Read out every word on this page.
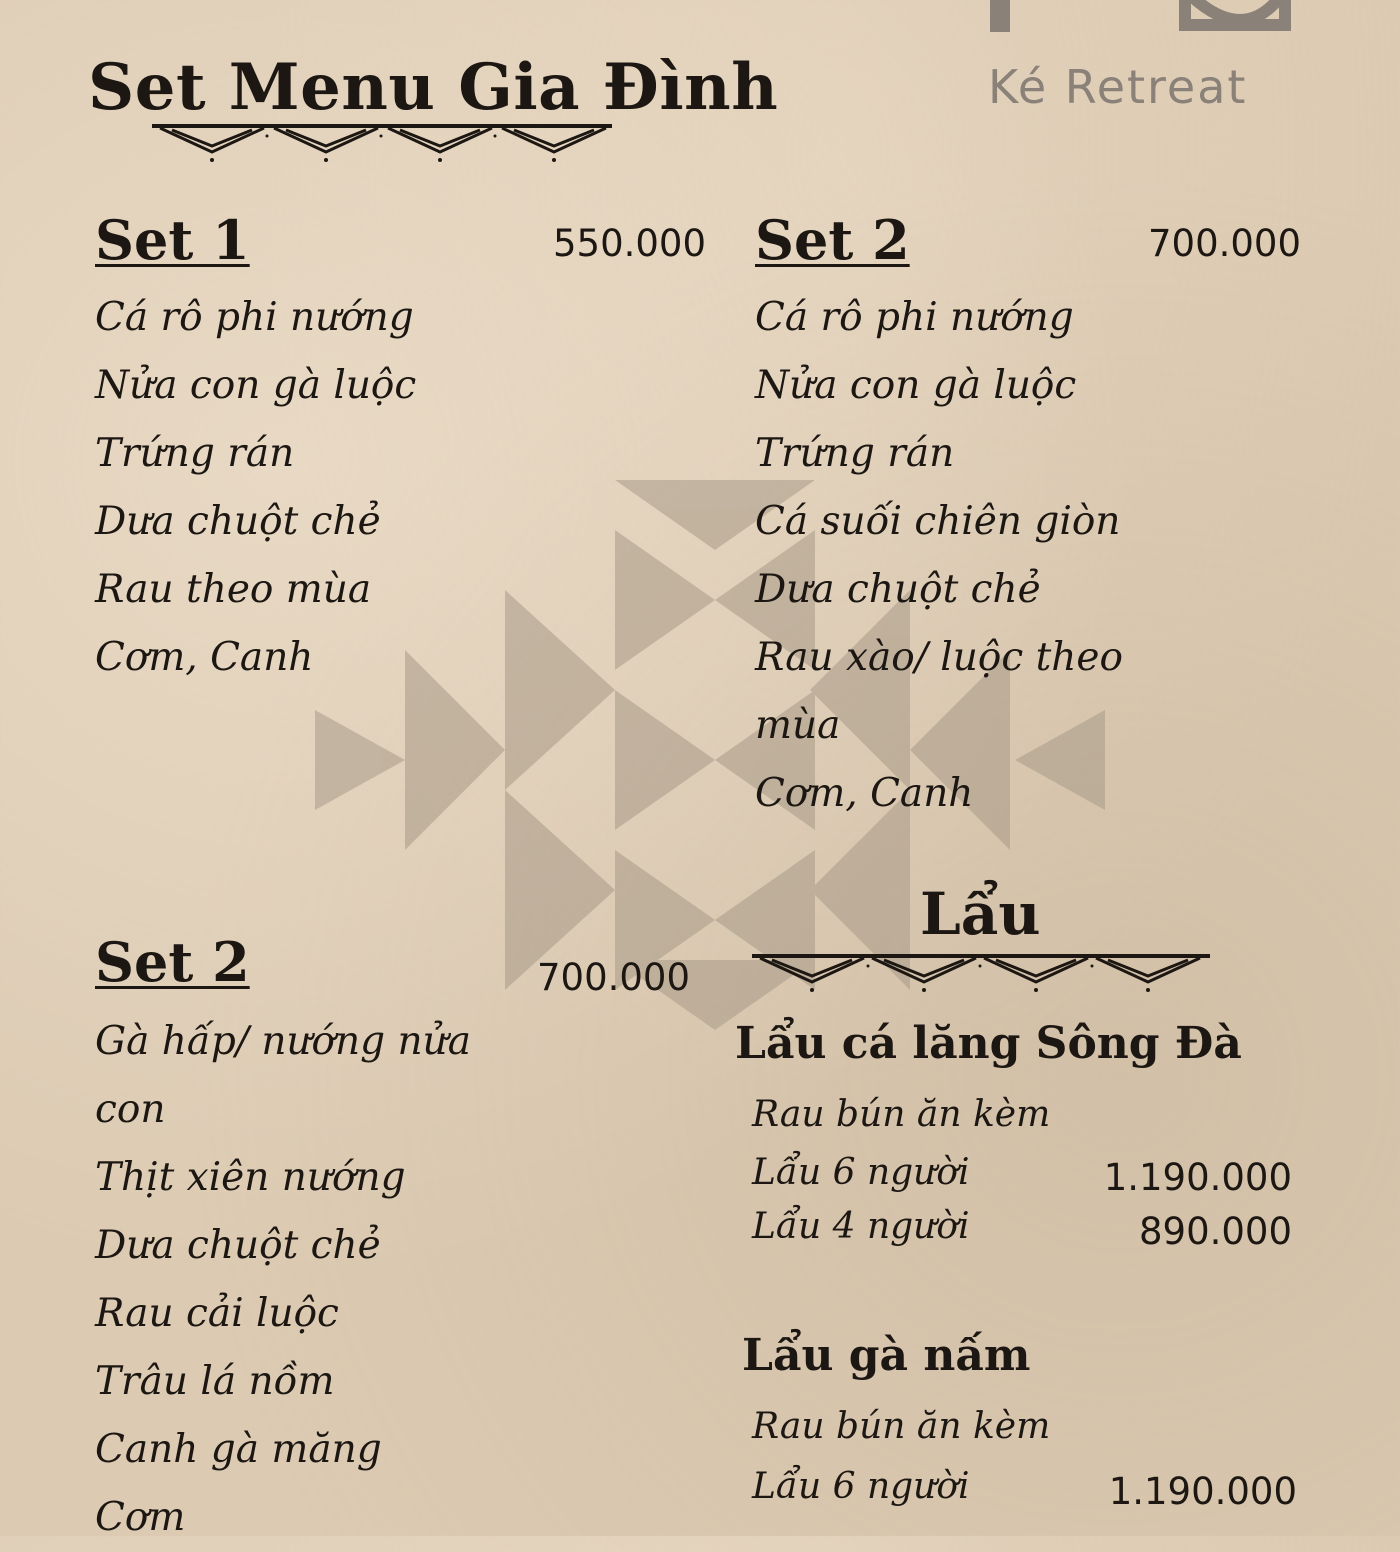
Ké Retreat
Set Menu Gia Đình
Set 1	550.000
Cá rô phi nướng
Nửa con gà luộc
Trứng rán
Dưa chuột chẻ
Rau theo mùa
Cơm, Canh
Set 2	700.000
Cá rô phi nướng
Nửa con gà luộc
Trứng rán
Cá suối chiên giòn
Dưa chuột chẻ
Rau xào/ luộc theo
mùa
Cơm, Canh
Set 2	700.000
Gà hấp/ nướng nửa
con
Thịt xiên nướng
Dưa chuột chẻ
Rau cải luộc
Trâu lá nồm
Canh gà măng
Cơm
Lẩu
Lẩu cá lăng Sông Đà
Rau bún ăn kèm
Lẩu 6 người	1.190.000
Lẩu 4 người	890.000
Lẩu gà nấm
Rau bún ăn kèm
Lẩu 6 người	1.190.000
